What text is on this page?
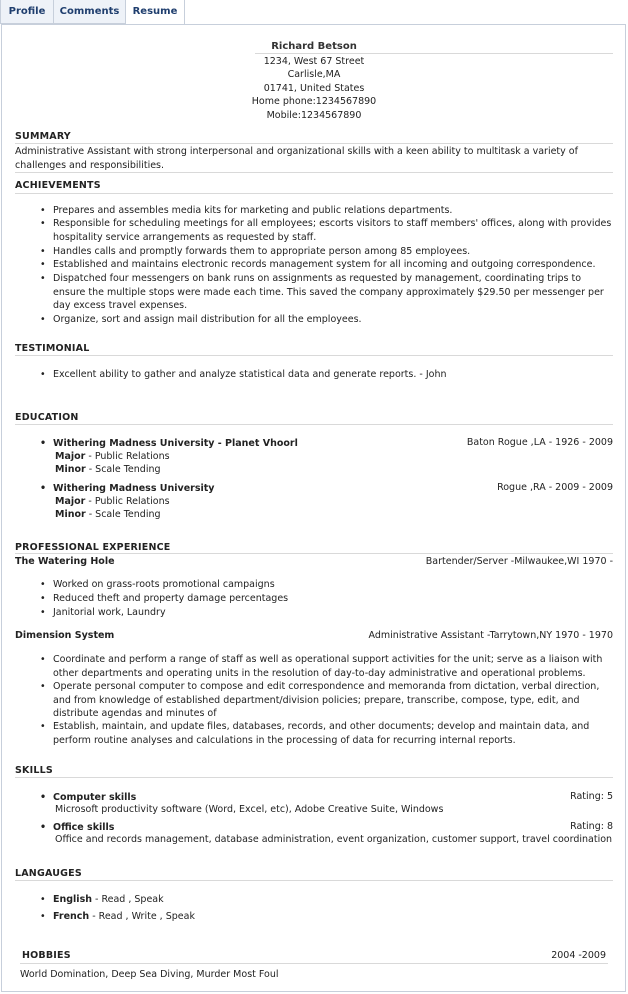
Profile	Comments	Resume
Richard Betson
1234, West 67 Street
Carlisle,MA
01741, United States
Home phone:1234567890
Mobile:1234567890
SUMMARY
Administrative Assistant with strong interpersonal and organizational skills with a keen ability to multitask a variety of challenges and responsibilities.
ACHIEVEMENTS
• Prepares and assembles media kits for marketing and public relations departments.
• Responsible for scheduling meetings for all employees; escorts visitors to staff members' offices, along with provides hospitality service arrangements as requested by staff.
• Handles calls and promptly forwards them to appropriate person among 85 employees.
• Established and maintains electronic records management system for all incoming and outgoing correspondence.
• Dispatched four messengers on bank runs on assignments as requested by management, coordinating trips to ensure the multiple stops were made each time. This saved the company approximately $29.50 per messenger per day excess travel expenses.
• Organize, sort and assign mail distribution for all the employees.
TESTIMONIAL
• Excellent ability to gather and analyze statistical data and generate reports. - John
EDUCATION
• Withering Madness University - Planet Vhoorl	Baton Rogue ,LA - 1926 - 2009
Major - Public Relations
Minor - Scale Tending
• Withering Madness University	Rogue ,RA - 2009 - 2009
Major - Public Relations
Minor - Scale Tending
PROFESSIONAL EXPERIENCE
The Watering Hole	Bartender/Server -Milwaukee,WI 1970 -
• Worked on grass-roots promotional campaigns
• Reduced theft and property damage percentages
• Janitorial work, Laundry
Dimension System	Administrative Assistant -Tarrytown,NY 1970 - 1970
• Coordinate and perform a range of staff as well as operational support activities for the unit; serve as a liaison with other departments and operating units in the resolution of day-to-day administrative and operational problems.
• Operate personal computer to compose and edit correspondence and memoranda from dictation, verbal direction, and from knowledge of established department/division policies; prepare, transcribe, compose, type, edit, and distribute agendas and minutes of
• Establish, maintain, and update files, databases, records, and other documents; develop and maintain data, and perform routine analyses and calculations in the processing of data for recurring internal reports.
SKILLS
• Computer skills	Rating: 5
Microsoft productivity software (Word, Excel, etc), Adobe Creative Suite, Windows
• Office skills	Rating: 8
Office and records management, database administration, event organization, customer support, travel coordination
LANGAUGES
• English - Read , Speak
• French - Read , Write , Speak
HOBBIES	2004 -2009
World Domination, Deep Sea Diving, Murder Most Foul
